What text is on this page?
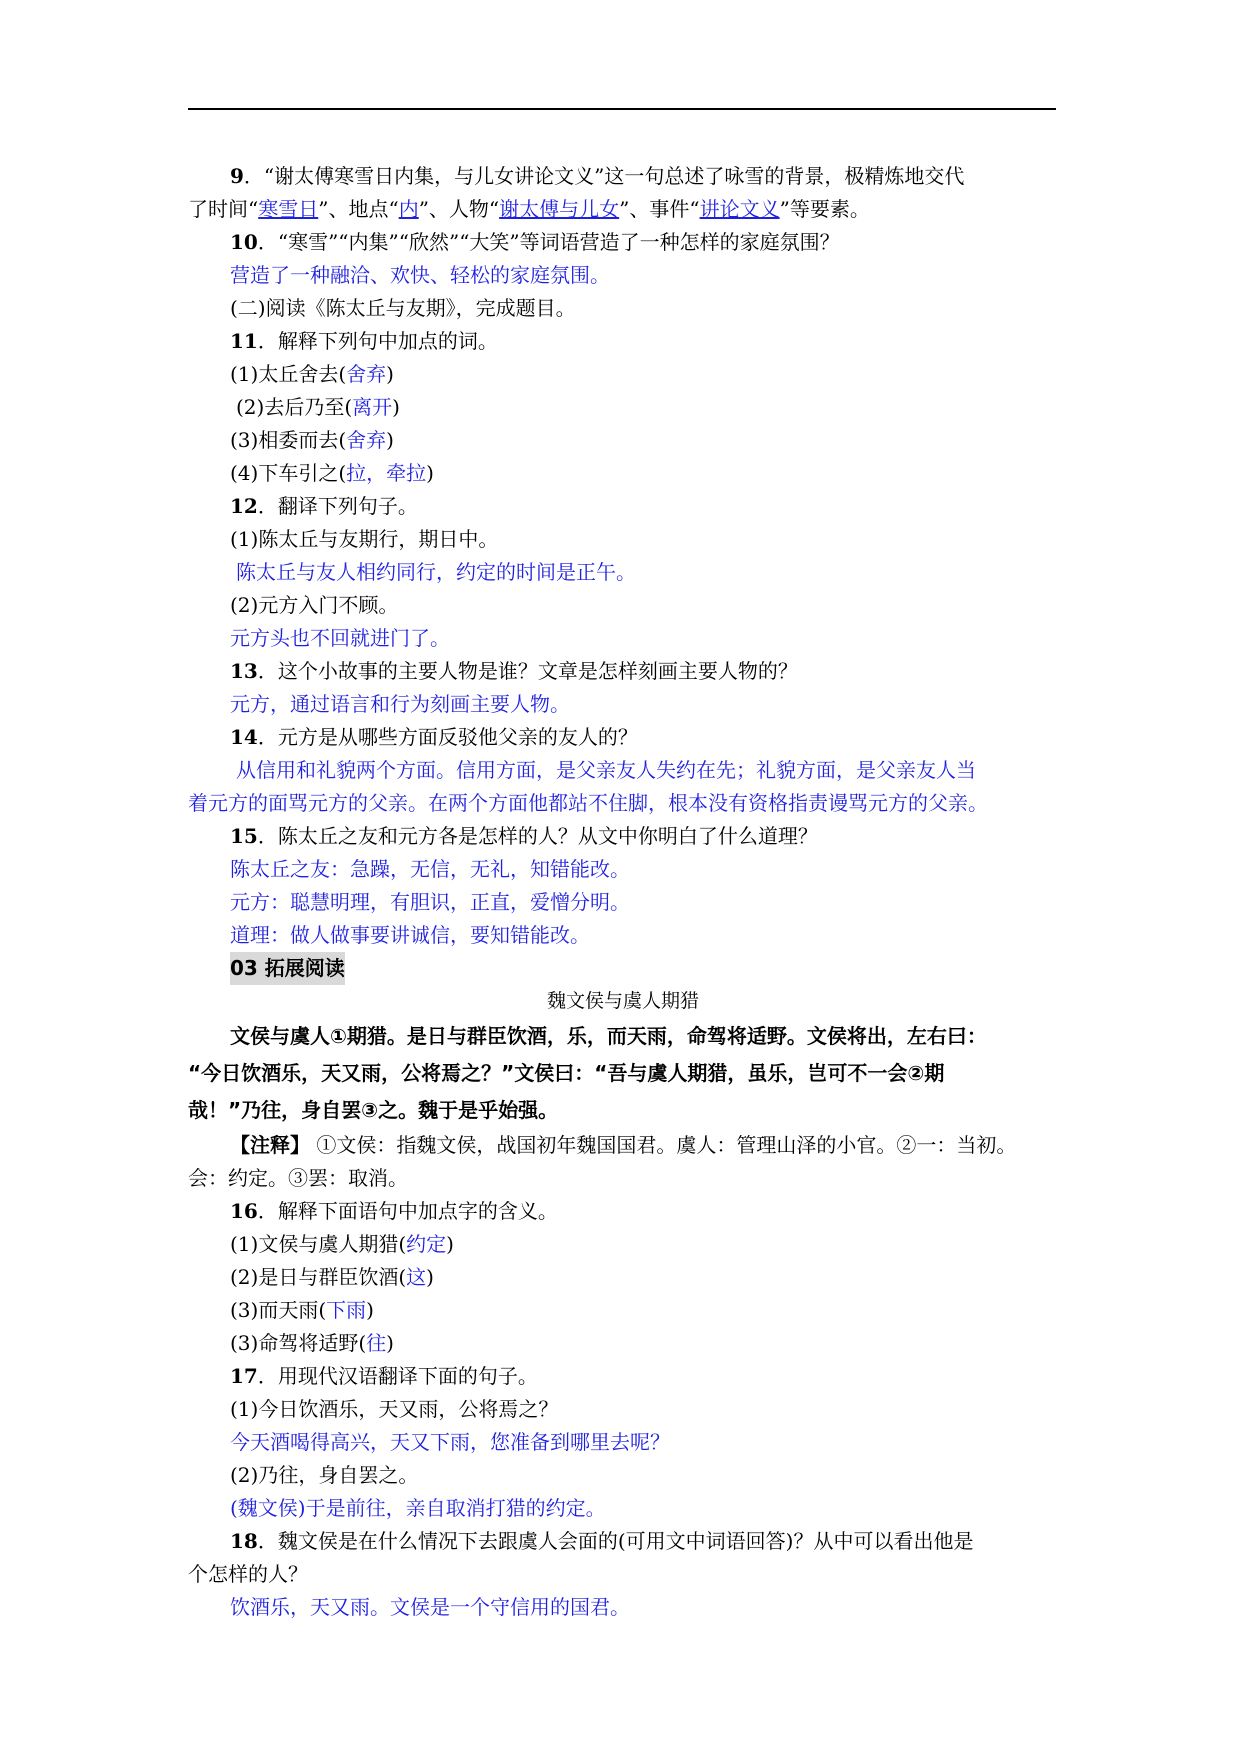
9．“谢太傅寒雪日内集，与儿女讲论文义”这一句总述了咏雪的背景，极精炼地交代
了时间“寒雪日”、地点“内”、人物“谢太傅与儿女”、事件“讲论文义”等要素。
10．“寒雪”“内集”“欣然”“大笑”等词语营造了一种怎样的家庭氛围？
营造了一种融洽、欢快、轻松的家庭氛围。
(二)阅读《陈太丘与友期》，完成题目。
11．解释下列句中加点的词。
(1)太丘舍去(舍弃)
(2)去后乃至(离开)
(3)相委而去(舍弃)
(4)下车引之(拉，牵拉)
12．翻译下列句子。
(1)陈太丘与友期行，期日中。
陈太丘与友人相约同行，约定的时间是正午。
(2)元方入门不顾。
元方头也不回就进门了。
13．这个小故事的主要人物是谁？文章是怎样刻画主要人物的？
元方，通过语言和行为刻画主要人物。
14．元方是从哪些方面反驳他父亲的友人的？
从信用和礼貌两个方面。信用方面，是父亲友人失约在先；礼貌方面，是父亲友人当
着元方的面骂元方的父亲。在两个方面他都站不住脚，根本没有资格指责谩骂元方的父亲。
15．陈太丘之友和元方各是怎样的人？从文中你明白了什么道理？
陈太丘之友：急躁，无信，无礼，知错能改。
元方：聪慧明理，有胆识，正直，爱憎分明。
道理：做人做事要讲诚信，要知错能改。
03 拓展阅读
魏文侯与虞人期猎
文侯与虞人①期猎。是日与群臣饮酒，乐，而天雨，命驾将适野。文侯将出，左右曰：
“今日饮酒乐，天又雨，公将焉之？”文侯曰：“吾与虞人期猎，虽乐，岂可不一会②期
哉！”乃往，身自罢③之。魏于是乎始强。
【注释】 ①文侯：指魏文侯，战国初年魏国国君。虞人：管理山泽的小官。②一：当初。
会：约定。③罢：取消。
16．解释下面语句中加点字的含义。
(1)文侯与虞人期猎(约定)
(2)是日与群臣饮酒(这)
(3)而天雨(下雨)
(3)命驾将适野(往)
17．用现代汉语翻译下面的句子。
(1)今日饮酒乐，天又雨，公将焉之？
今天酒喝得高兴，天又下雨，您准备到哪里去呢？
(2)乃往，身自罢之。
(魏文侯)于是前往，亲自取消打猎的约定。
18．魏文侯是在什么情况下去跟虞人会面的(可用文中词语回答)？从中可以看出他是
个怎样的人？
饮酒乐，天又雨。文侯是一个守信用的国君。
